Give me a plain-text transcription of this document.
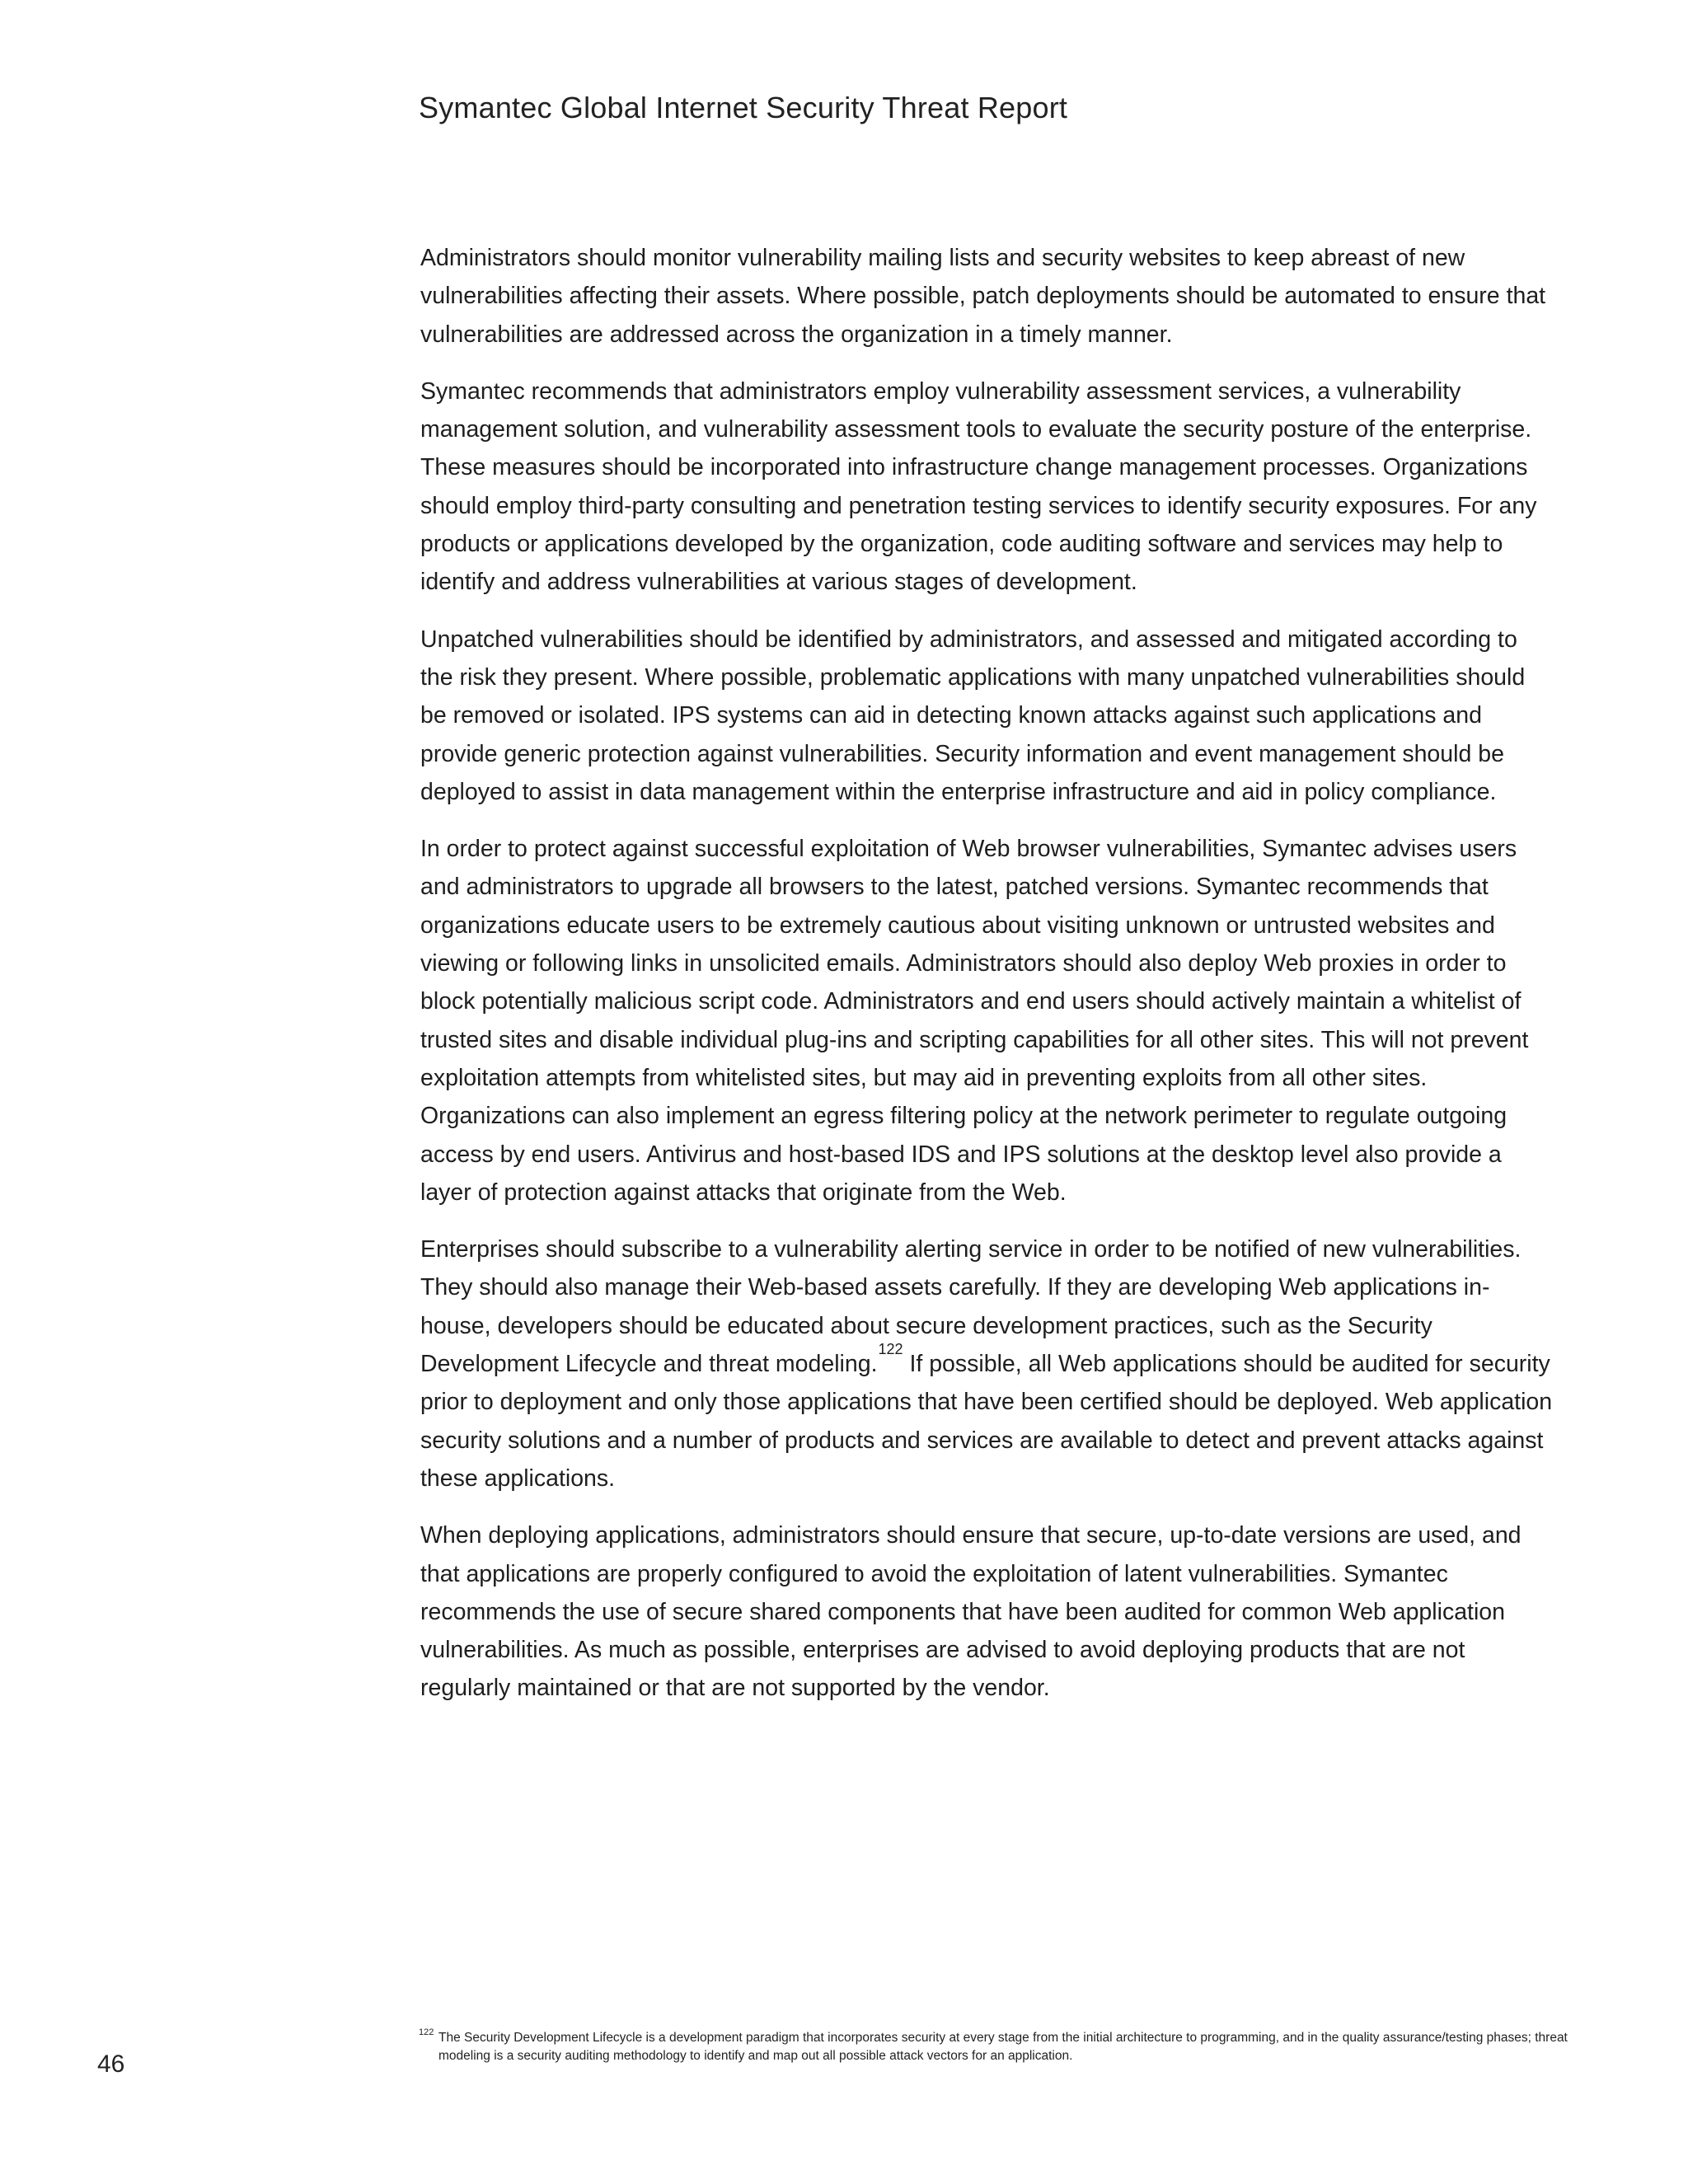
Symantec Global Internet Security Threat Report

Administrators should monitor vulnerability mailing lists and security websites to keep abreast of new vulnerabilities affecting their assets. Where possible, patch deployments should be automated to ensure that vulnerabilities are addressed across the organization in a timely manner.

Symantec recommends that administrators employ vulnerability assessment services, a vulnerability management solution, and vulnerability assessment tools to evaluate the security posture of the enterprise. These measures should be incorporated into infrastructure change management processes. Organizations should employ third-party consulting and penetration testing services to identify security exposures. For any products or applications developed by the organization, code auditing software and services may help to identify and address vulnerabilities at various stages of development.

Unpatched vulnerabilities should be identified by administrators, and assessed and mitigated according to the risk they present. Where possible, problematic applications with many unpatched vulnerabilities should be removed or isolated. IPS systems can aid in detecting known attacks against such applications and provide generic protection against vulnerabilities. Security information and event management should be deployed to assist in data management within the enterprise infrastructure and aid in policy compliance.

In order to protect against successful exploitation of Web browser vulnerabilities, Symantec advises users and administrators to upgrade all browsers to the latest, patched versions. Symantec recommends that organizations educate users to be extremely cautious about visiting unknown or untrusted websites and viewing or following links in unsolicited emails. Administrators should also deploy Web proxies in order to block potentially malicious script code. Administrators and end users should actively maintain a whitelist of trusted sites and disable individual plug-ins and scripting capabilities for all other sites. This will not prevent exploitation attempts from whitelisted sites, but may aid in preventing exploits from all other sites. Organizations can also implement an egress filtering policy at the network perimeter to regulate outgoing access by end users. Antivirus and host-based IDS and IPS solutions at the desktop level also provide a layer of protection against attacks that originate from the Web.

Enterprises should subscribe to a vulnerability alerting service in order to be notified of new vulnerabilities. They should also manage their Web-based assets carefully. If they are developing Web applications in-house, developers should be educated about secure development practices, such as the Security Development Lifecycle and threat modeling.$^{122}$ If possible, all Web applications should be audited for security prior to deployment and only those applications that have been certified should be deployed. Web application security solutions and a number of products and services are available to detect and prevent attacks against these applications.

When deploying applications, administrators should ensure that secure, up-to-date versions are used, and that applications are properly configured to avoid the exploitation of latent vulnerabilities. Symantec recommends the use of secure shared components that have been audited for common Web application vulnerabilities. As much as possible, enterprises are advised to avoid deploying products that are not regularly maintained or that are not supported by the vendor.

122 The Security Development Lifecycle is a development paradigm that incorporates security at every stage from the initial architecture to programming, and in the quality assurance/testing phases; threat modeling is a security auditing methodology to identify and map out all possible attack vectors for an application.
46
